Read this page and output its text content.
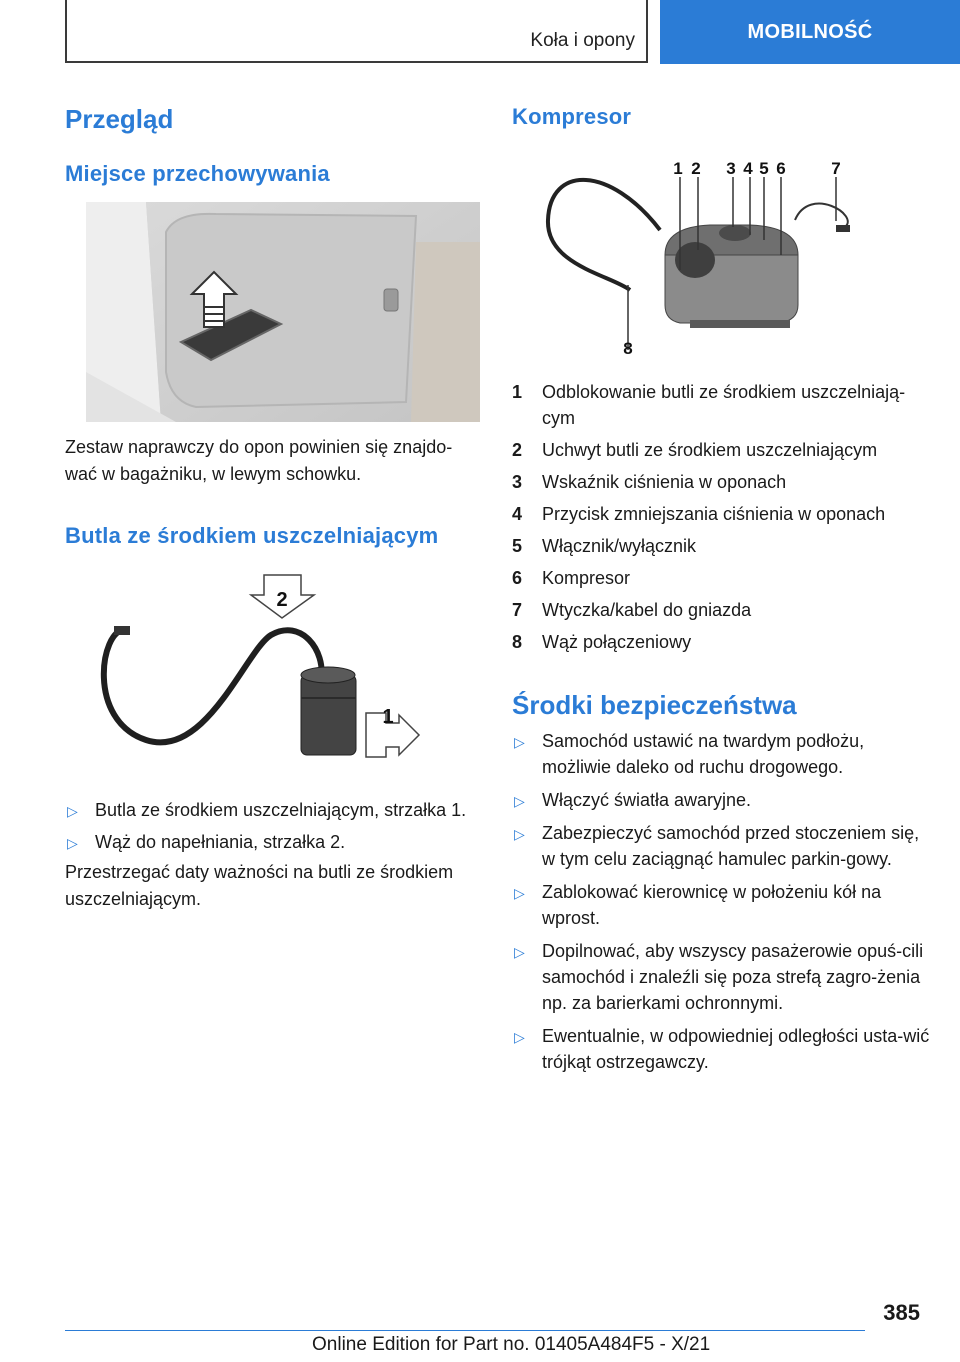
Koła i opony	MOBILNOŚĆ
Przegląd
Miejsce przechowywania
Zestaw naprawczy do opon powinien się znajdo‐wać w bagażniku, w lewym schowku.
Butla ze środkiem uszczelniającym
2
1
▷ Butla ze środkiem uszczelniającym, strzałka 1.
▷ Wąż do napełniania, strzałka 2.
Przestrzegać daty ważności na butli ze środkiem uszczelniającym.
Kompresor
1 2 3 4 5 6	7
8
1 Odblokowanie butli ze środkiem uszczelniają‐cym
2 Uchwyt butli ze środkiem uszczelniającym
3 Wskaźnik ciśnienia w oponach
4 Przycisk zmniejszania ciśnienia w oponach
5 Włącznik/wyłącznik
6 Kompresor
7 Wtyczka/kabel do gniazda
8 Wąż połączeniowy
Środki bezpieczeństwa
▷ Samochód ustawić na twardym podłożu, możliwie daleko od ruchu drogowego.
▷ Włączyć światła awaryjne.
▷ Zabezpieczyć samochód przed stoczeniem się, w tym celu zaciągnąć hamulec parkin‐gowy.
▷ Zablokować kierownicę w położeniu kół na wprost.
▷ Dopilnować, aby wszyscy pasażerowie opuś‐cili samochód i znaleźli się poza strefą zagro‐żenia np. za barierkami ochronnymi.
▷ Ewentualnie, w odpowiedniej odległości usta‐wić trójkąt ostrzegawczy.
385
Online Edition for Part no. 01405A484F5 - X/21
